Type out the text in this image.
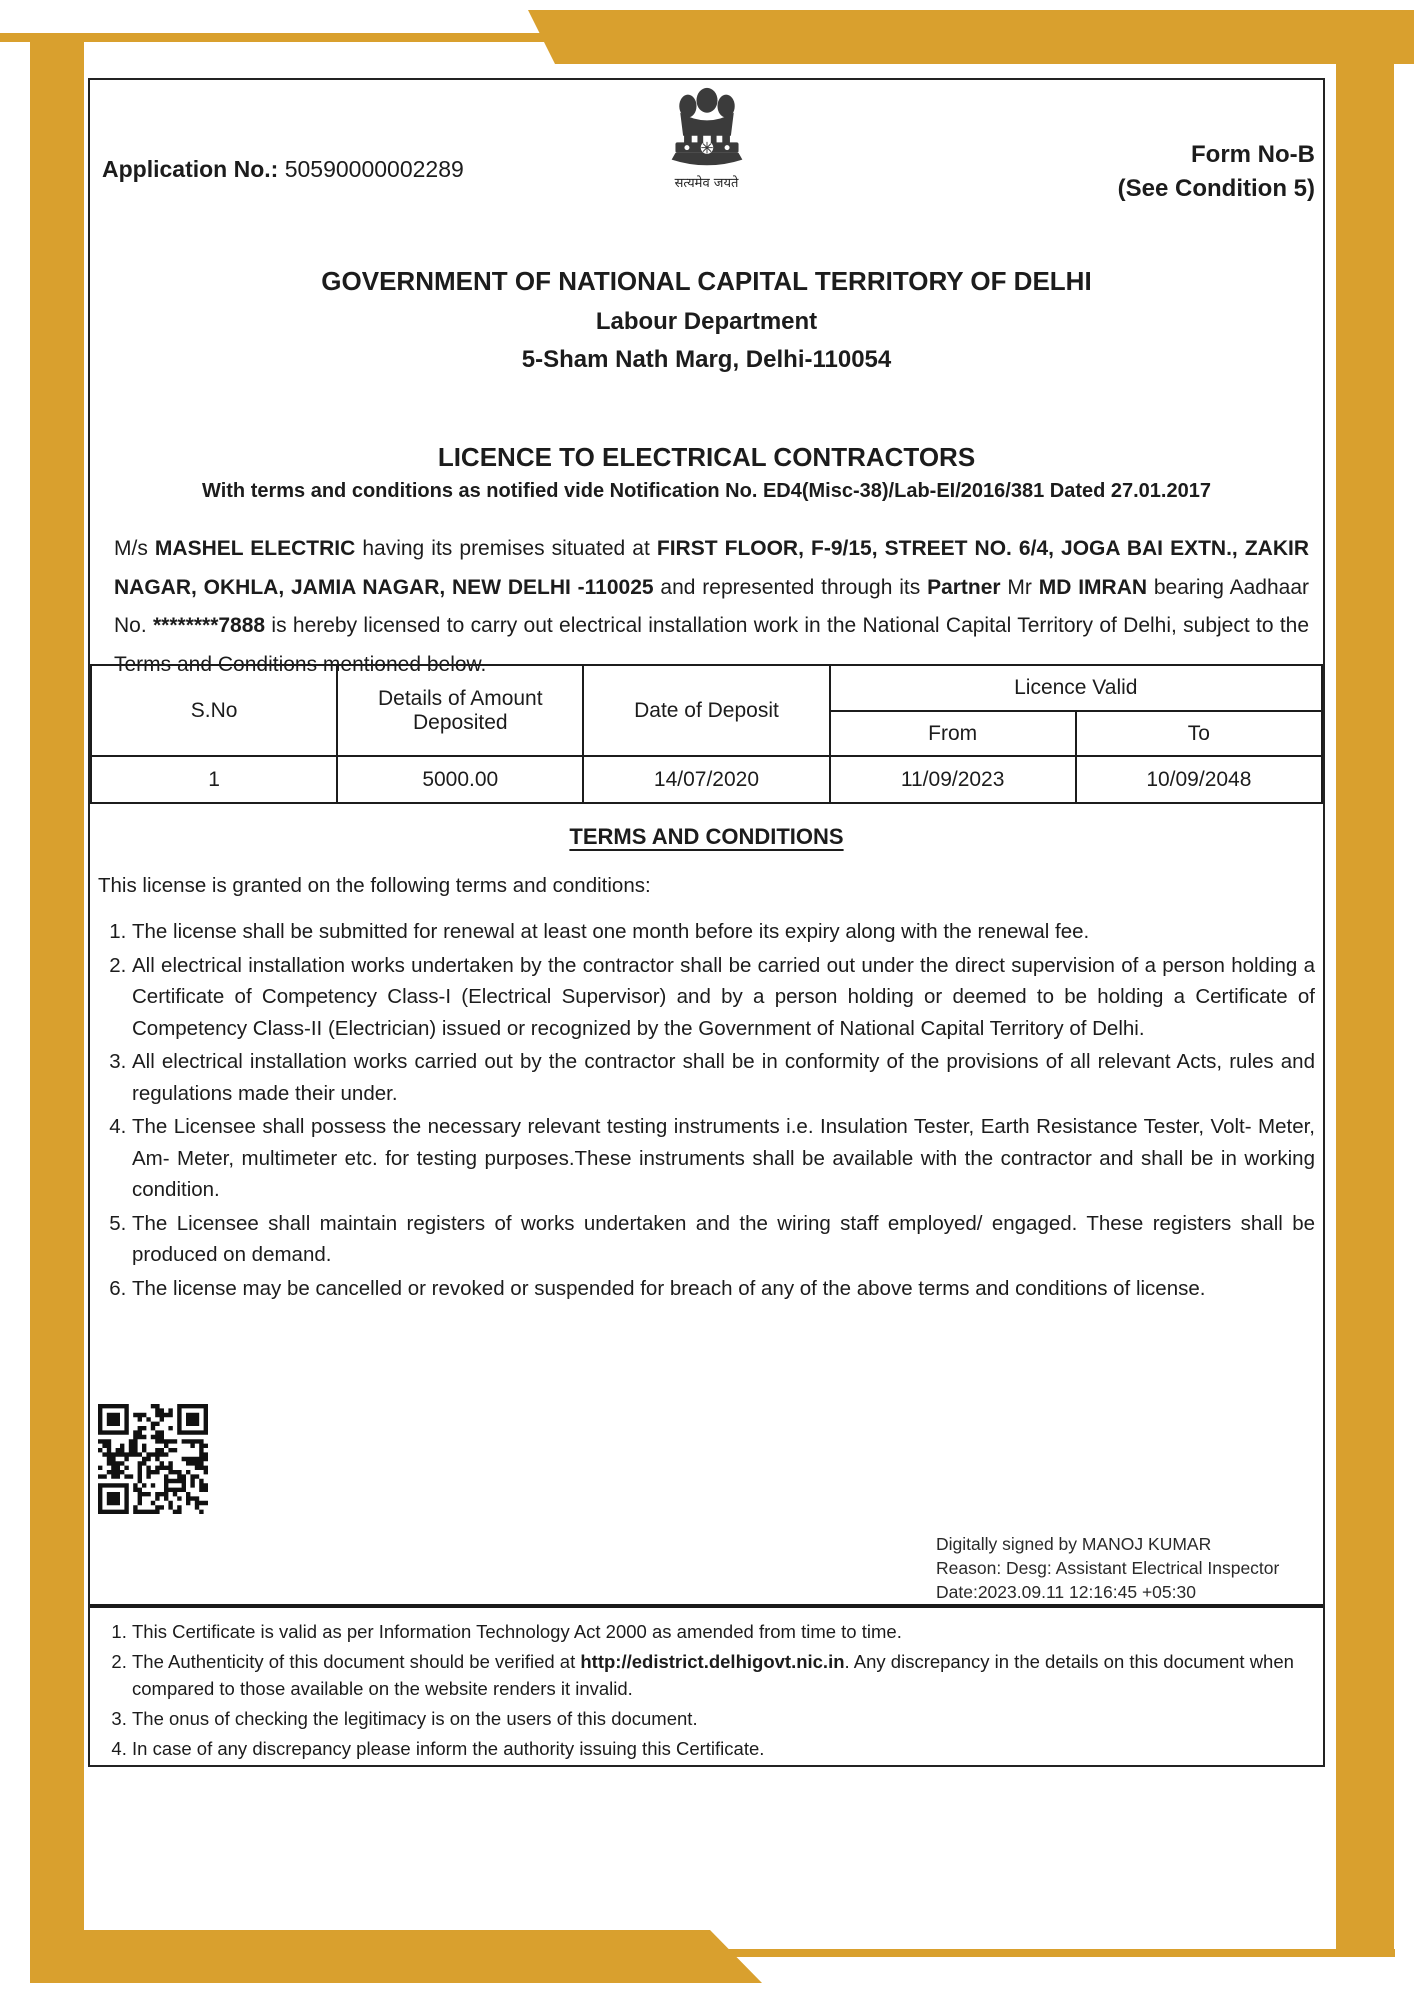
Application No.: 50590000002289
सत्यमेव जयते
Form No-B
(See Condition 5)
GOVERNMENT OF NATIONAL CAPITAL TERRITORY OF DELHI
Labour Department
5-Sham Nath Marg, Delhi-110054
LICENCE TO ELECTRICAL CONTRACTORS
With terms and conditions as notified vide Notification No. ED4(Misc-38)/Lab-EI/2016/381 Dated 27.01.2017

M/s MASHEL ELECTRIC having its premises situated at FIRST FLOOR, F-9/15, STREET NO. 6/4, JOGA BAI EXTN., ZAKIR NAGAR, OKHLA, JAMIA NAGAR, NEW DELHI -110025 and represented through its Partner Mr MD IMRAN bearing Aadhaar No. ********7888 is hereby licensed to carry out electrical installation work in the National Capital Territory of Delhi, subject to the Terms and Conditions mentioned below.

S.No	Details of Amount Deposited	Date of Deposit	Licence Valid	
			From	To
1	5000.00	14/07/2020	11/09/2023	10/09/2048
TERMS AND CONDITIONS
This license is granted on the following terms and conditions:
1. The license shall be submitted for renewal at least one month before its expiry along with the renewal fee.
2. All electrical installation works undertaken by the contractor shall be carried out under the direct supervision of a person holding a Certificate of Competency Class-I (Electrical Supervisor) and by a person holding or deemed to be holding a Certificate of Competency Class-II (Electrician) issued or recognized by the Government of National Capital Territory of Delhi.
3. All electrical installation works carried out by the contractor shall be in conformity of the provisions of all relevant Acts, rules and regulations made their under.
4. The Licensee shall possess the necessary relevant testing instruments i.e. Insulation Tester, Earth Resistance Tester, Volt- Meter, Am- Meter, multimeter etc. for testing purposes.These instruments shall be available with the contractor and shall be in working condition.
5. The Licensee shall maintain registers of works undertaken and the wiring staff employed/ engaged. These registers shall be produced on demand.
6. The license may be cancelled or revoked or suspended for breach of any of the above terms and conditions of license.
Digitally signed by MANOJ KUMAR
Reason: Desg: Assistant Electrical Inspector
Date:2023.09.11 12:16:45 +05:30
1. This Certificate is valid as per Information Technology Act 2000 as amended from time to time.
2. The Authenticity of this document should be verified at http://edistrict.delhigovt.nic.in. Any discrepancy in the details on this document when compared to those available on the website renders it invalid.
3. The onus of checking the legitimacy is on the users of this document.
4. In case of any discrepancy please inform the authority issuing this Certificate.
